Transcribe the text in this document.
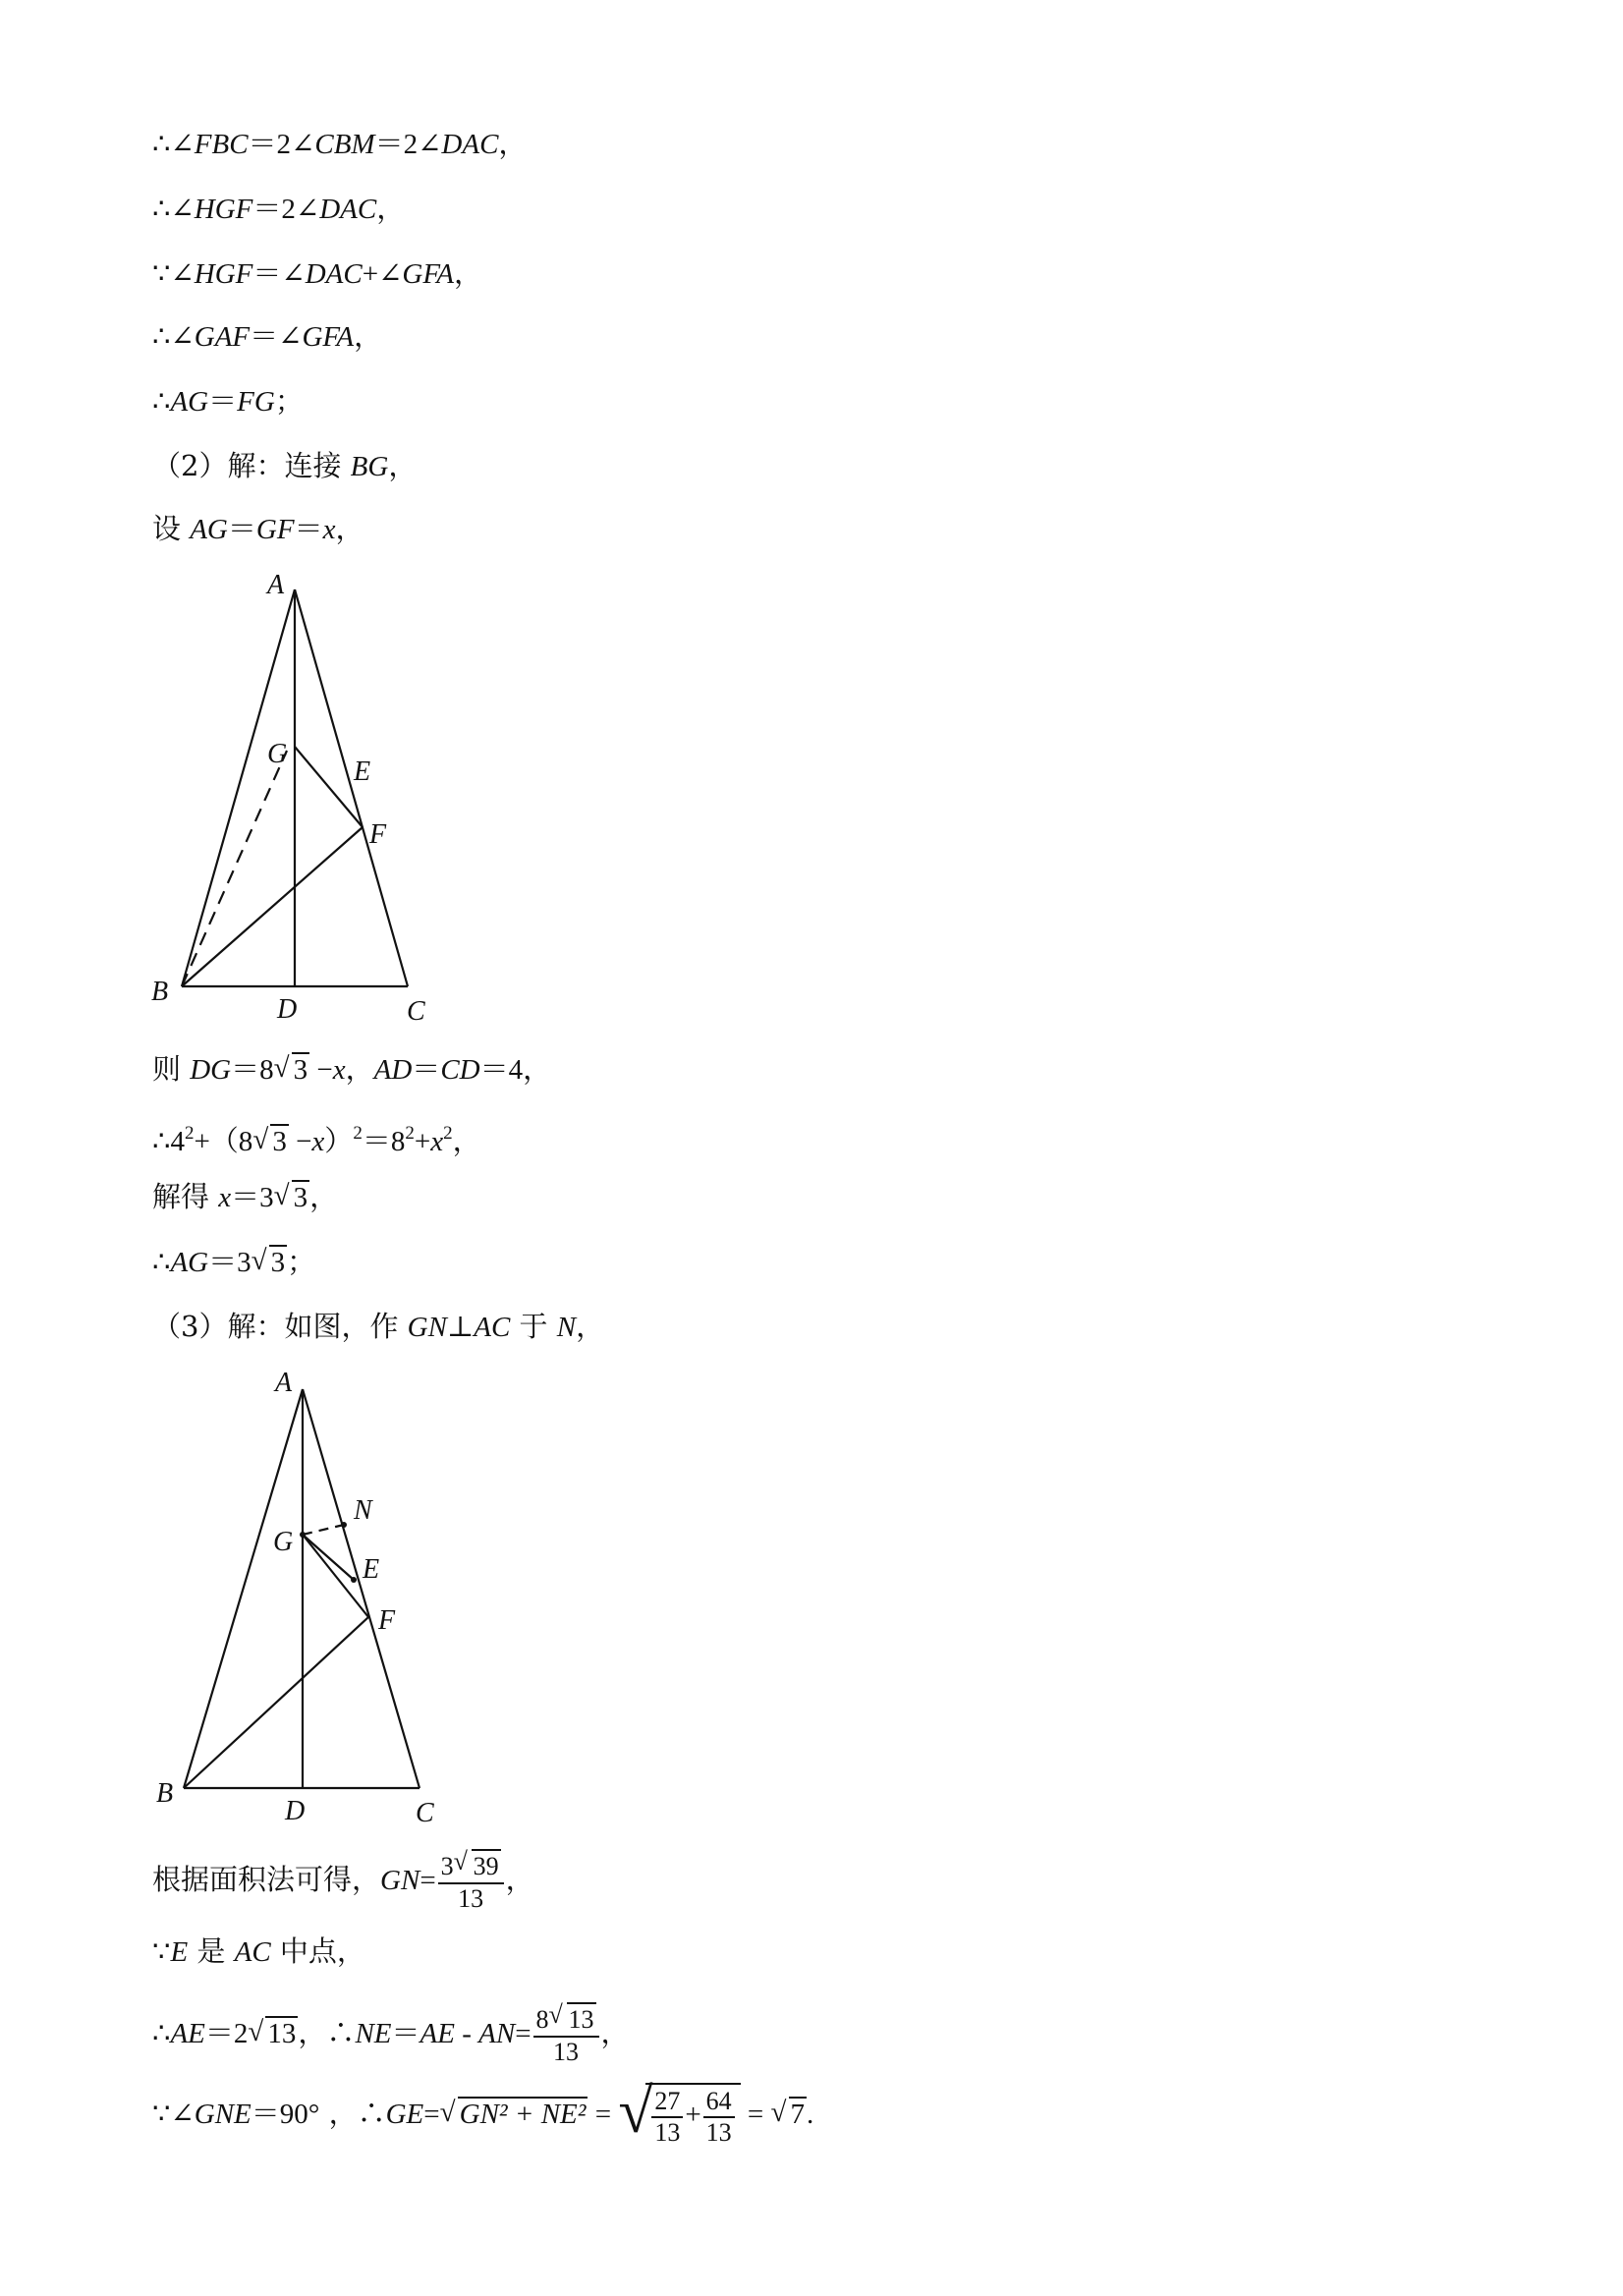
∴∠FBC＝2∠CBM＝2∠DAC，
∴∠HGF＝2∠DAC，
∵∠HGF＝∠DAC+∠GFA，
∴∠GAF＝∠GFA，
∴AG＝FG；
（2）解：连接 BG，
设 AG＝GF＝x，
A
G
E
F
B
D	C
则 DG＝8√ 3 −x，AD＝CD＝4，
$\therefore 4^2+(8√$ $3 -x)^2=8^2+x^2$，
解得 x＝3√ 3，
∴AG＝3√ 3；
（3）解：如图，作 GN⊥AC 于 N，
A
N
G
E
F
B
D	C
根据面积法可得，$GN= \frac{3√ 39}{13}$ ，
∵E 是 AC 中点，
∴AE＝2√ 13，∴NE＝AE - $AN= \frac{8√ 13}{13}$ ，
∵∠GNE＝90° ，∴GE=√ GN² + NE² = √
$\frac{27}{13} + \frac{64}{13}$ = √ 7.
